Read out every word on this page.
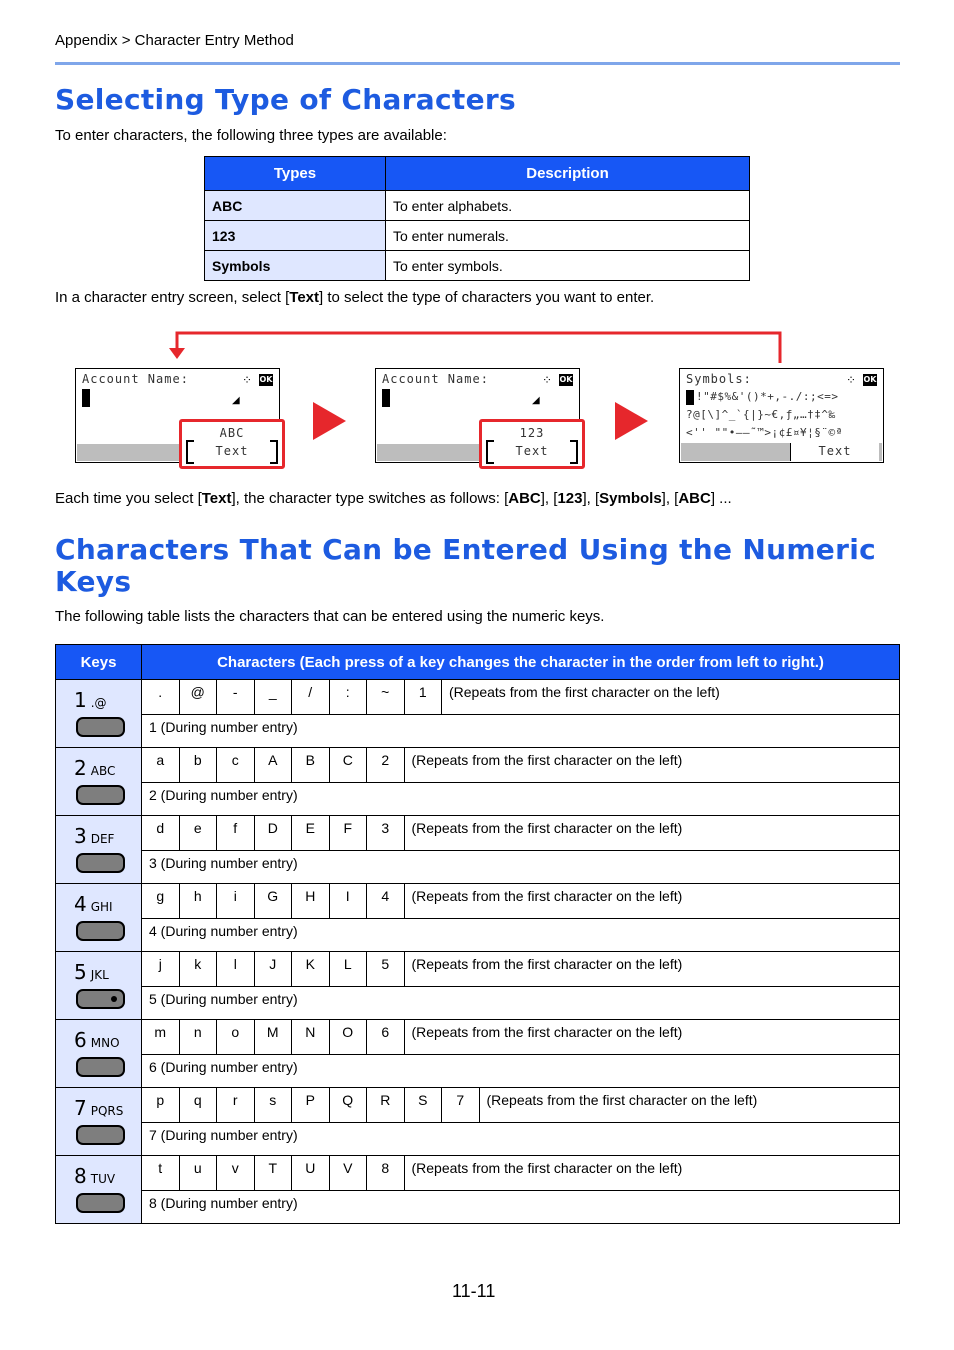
Appendix > Character Entry Method
Selecting Type of Characters
To enter characters, the following three types are available:
Types	Description
ABC	To enter alphabets.
123	To enter numerals.
Symbols	To enter symbols.
In a character entry screen, select [Text] to select the type of characters you want to enter.
Account Name:	⁘ OK
◢
ABC
Text
Account Name:	⁘ OK
◢
123
Text
Symbols:	⁘ OK
!"#$%&'()*+,-./:;<=>
?@[\]^_`{|}~€,ƒ„…†‡^‰
<'' ""•–—˜™>¡¢£¤¥¦§¨©ª
Text
Each time you select [Text], the character type switches as follows: [ABC], [123], [Symbols], [ABC] ...
Characters That Can be Entered Using the Numeric Keys
The following table lists the characters that can be entered using the numeric keys.
Keys	Characters (Each press of a key changes the character in the order from left to right.)

1 .@

.	@	-	_	/	:	~	1	(Repeats from the first character on the left)
1 (During number entry)

2 ABC

a	b	c	A	B	C	2	(Repeats from the first character on the left)
2 (During number entry)

3 DEF

d	e	f	D	E	F	3	(Repeats from the first character on the left)
3 (During number entry)

4 GHI

g	h	i	G	H	I	4	(Repeats from the first character on the left)
4 (During number entry)

5 JKL

j	k	l	J	K	L	5	(Repeats from the first character on the left)
5 (During number entry)

6 MNO

m	n	o	M	N	O	6	(Repeats from the first character on the left)
6 (During number entry)

7 PQRS

p	q	r	s	P	Q	R	S	7	(Repeats from the first character on the left)
7 (During number entry)

8 TUV

t	u	v	T	U	V	8	(Repeats from the first character on the left)
8 (During number entry)
11-11
